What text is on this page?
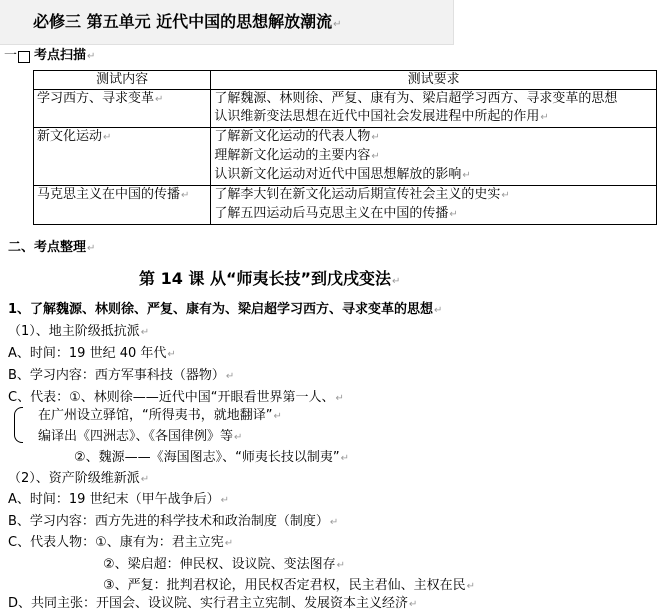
必修三 第五单元 近代中国的思想解放潮流↵
一 考点扫描↵
测试内容	测试要求
学习西方、寻求变革↵	了解魏源、林则徐、严复、康有为、梁启超学习西方、寻求变革的思想
认识维新变法思想在近代中国社会发展进程中所起的作用↵

新文化运动↵	了解新文化运动的代表人物↵
理解新文化运动的主要内容↵
认识新文化运动对近代中国思想解放的影响↵

马克思主义在中国的传播↵	了解李大钊在新文化运动后期宣传社会主义的史实↵
了解五四运动后马克思主义在中国的传播↵
二、考点整理↵
第 14 课 从“师夷长技”到戊戌变法↵
1、了解魏源、林则徐、严复、康有为、梁启超学习西方、寻求变革的思想↵
（1）、地主阶级抵抗派↵
A、时间：19 世纪 40 年代↵
B、学习内容：西方军事科技（器物）↵
C、代表：①、林则徐——近代中国“开眼看世界第一人、↵
在广州设立驿馆，“所得夷书，就地翻译”↵
编译出《四洲志》、《各国律例》等↵
②、魏源——《海国图志》、“师夷长技以制夷”↵
（2）、资产阶级维新派↵
A、时间：19 世纪末（甲午战争后）↵
B、学习内容：西方先进的科学技术和政治制度（制度）↵
C、代表人物：①、康有为：君主立宪↵
②、梁启超：伸民权、设议院、变法图存↵
③、严复：批判君权论，用民权否定君权，民主君仙、主权在民↵
D、共同主张：开国会、设议院、实行君主立宪制、发展资本主义经济↵
